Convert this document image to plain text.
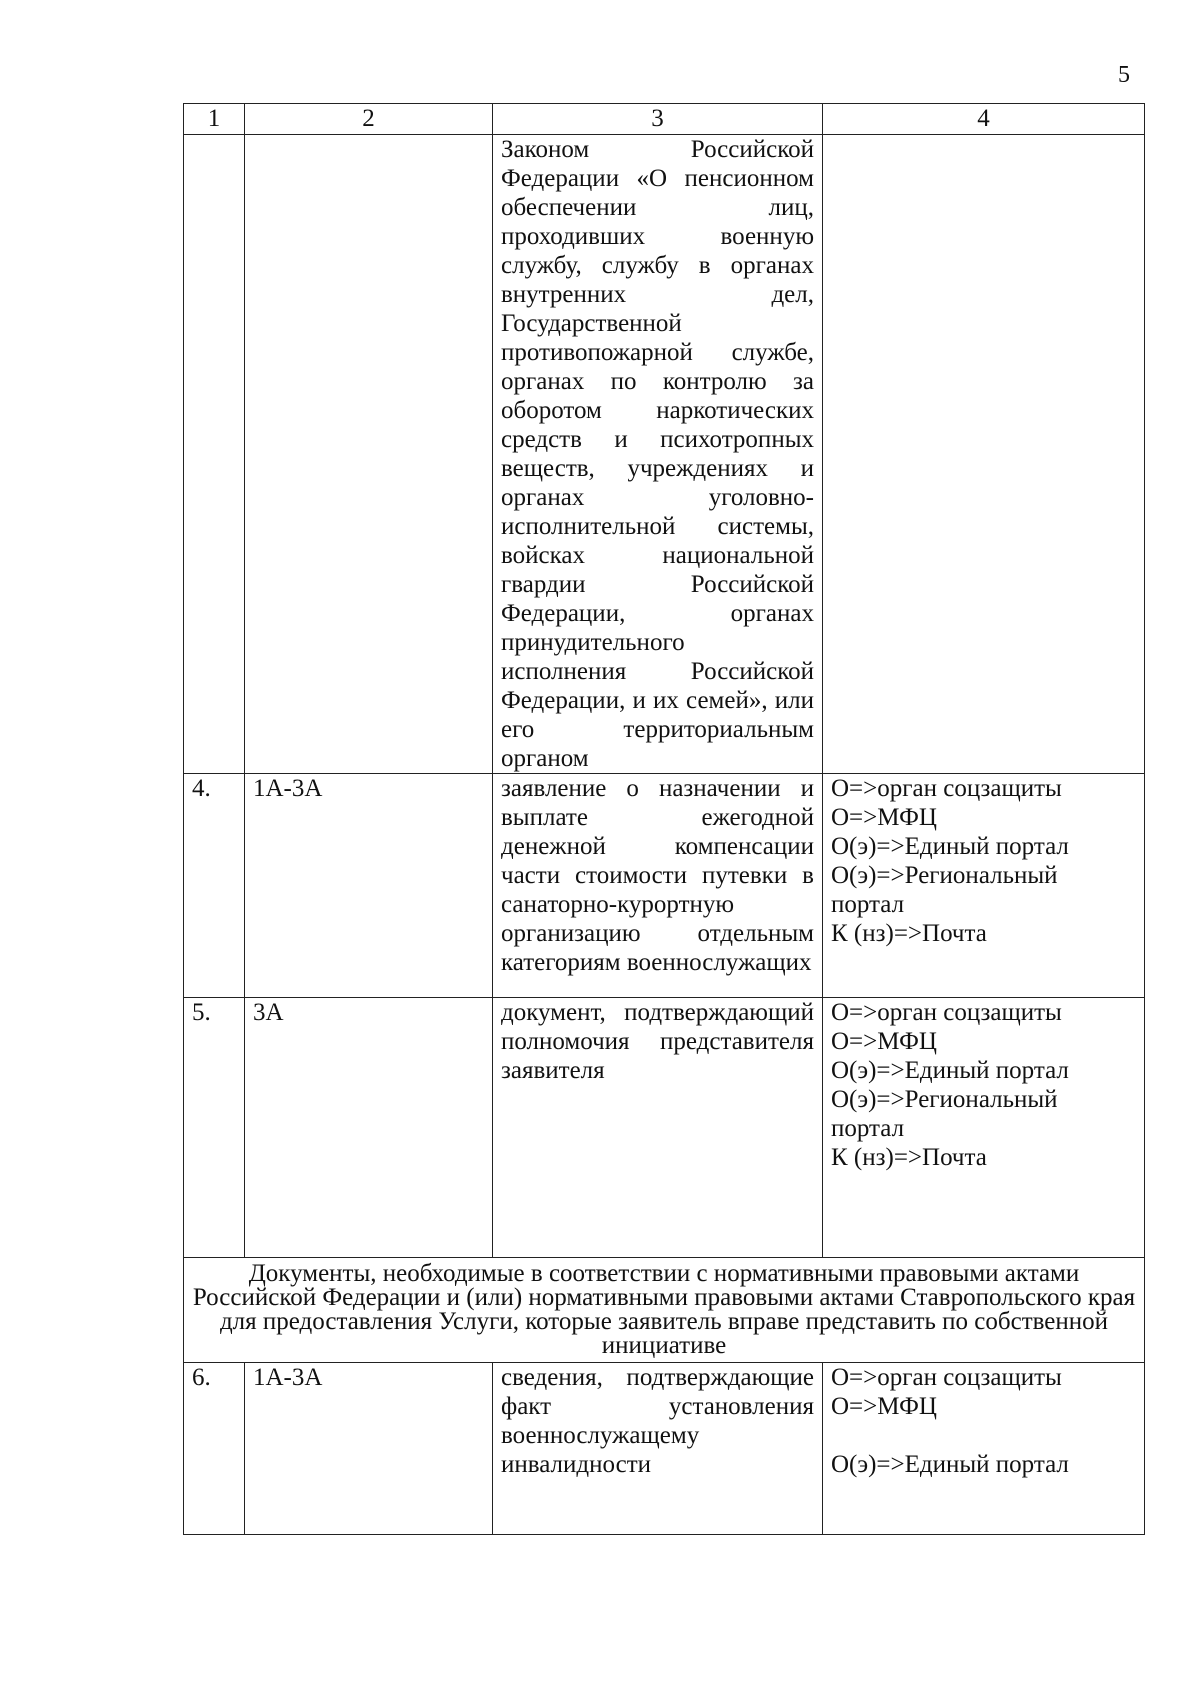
5
1	2	3	4
		Законом Российской Федерации «О пенсионном обеспечении лиц, проходивших военную службу, службу в органах внутренних дел, Государственной противопожарной службе, органах по контролю за оборотом наркотических средств и психотропных веществ, учреждениях и органах уголовно-исполнительной системы, войсках национальной гвардии Российской Федерации, органах принудительного исполнения Российской Федерации, и их семей», или его территориальным органом	
4.	1А-3А	заявление о назначении и выплате ежегодной денежной компенсации части стоимости путевки в санаторно-курортную организацию отдельным категориям военнослужащих	О=>орган соцзащиты
О=>МФЦ
О(э)=>Единый портал
О(э)=>Региональный портал
К (нз)=>Почта

5.	3А	документ, подтверждающий полномочия представителя заявителя	О=>орган соцзащиты
О=>МФЦ
О(э)=>Единый портал
О(э)=>Региональный портал
К (нз)=>Почта

Документы, необходимые в соответствии с нормативными правовыми актами Российской Федерации и (или) нормативными правовыми актами Ставропольского края для предоставления Услуги, которые заявитель вправе представить по собственной инициативе			
6.	1А-3А	сведения, подтверждающие факт установления военнослужащему инвалидности	О=>орган соцзащиты
О=>МФЦ
О(э)=>Единый портал
